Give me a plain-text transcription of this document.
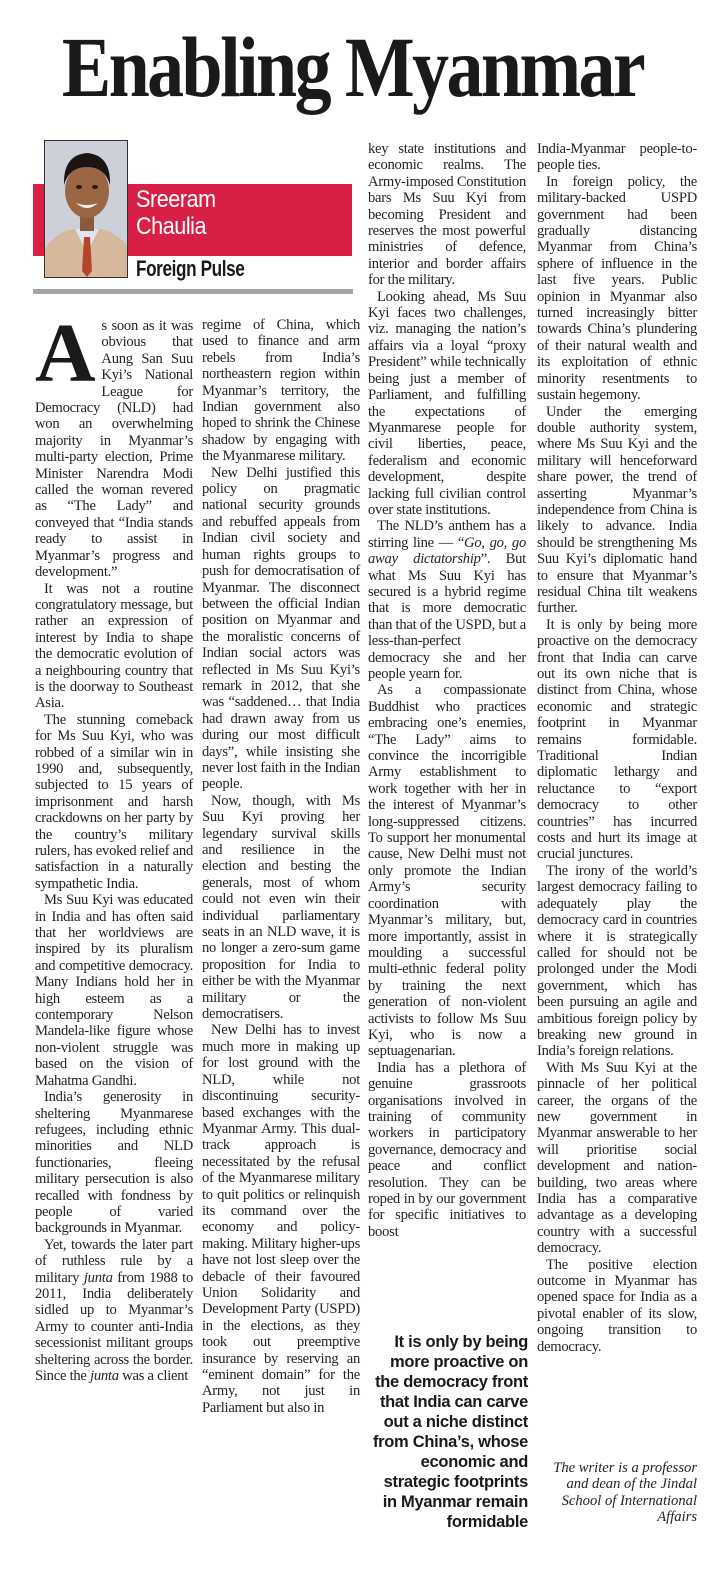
Enabling Myanmar
Sreeram
Chaulia
Foreign Pulse

As soon as it was obvious that Aung San Suu Kyi’s National League for Democracy (NLD) had won an overwhelming majority in Myanmar’s multi-party election, Prime Minister Narendra Modi called the woman revered as “The Lady” and conveyed that “India stands ready to assist in Myanmar’s progress and development.”

It was not a routine congratulatory message, but rather an expression of interest by India to shape the democratic evolution of a neighbouring country that is the doorway to Southeast Asia.

The stunning comeback for Ms Suu Kyi, who was robbed of a similar win in 1990 and, subsequently, subjected to 15 years of imprisonment and harsh crackdowns on her party by the country’s military rulers, has evoked relief and satisfaction in a naturally sympathetic India.

Ms Suu Kyi was educated in India and has often said that her worldviews are inspired by its pluralism and competitive democracy. Many Indians hold her in high esteem as a contemporary Nelson Mandela-like figure whose non-violent struggle was based on the vision of Mahatma Gandhi.

India’s generosity in sheltering Myanmarese refugees, including ethnic minorities and NLD functionaries, fleeing military persecution is also recalled with fondness by people of varied backgrounds in Myanmar.

Yet, towards the later part of ruthless rule by a military junta from 1988 to 2011, India deliberately sidled up to Myanmar’s Army to counter anti-India secessionist militant groups sheltering across the border. Since the junta was a client

regime of China, which used to finance and arm rebels from India’s northeastern region within Myanmar’s territory, the Indian government also hoped to shrink the Chinese shadow by engaging with the Myanmarese military.

New Delhi justified this policy on pragmatic national security grounds and rebuffed appeals from Indian civil society and human rights groups to push for democratisation of Myanmar. The disconnect between the official Indian position on Myanmar and the moralistic concerns of Indian social actors was reflected in Ms Suu Kyi’s remark in 2012, that she was “saddened… that India had drawn away from us during our most difficult days”, while insisting she never lost faith in the Indian people.

Now, though, with Ms Suu Kyi proving her legendary survival skills and resilience in the election and besting the generals, most of whom could not even win their individual parliamentary seats in an NLD wave, it is no longer a zero-sum game proposition for India to either be with the Myanmar military or the democratisers.

New Delhi has to invest much more in making up for lost ground with the NLD, while not discontinuing security-based exchanges with the Myanmar Army. This dual-track approach is necessitated by the refusal of the Myanmarese military to quit politics or relinquish its command over the economy and policy-making. Military higher-ups have not lost sleep over the debacle of their favoured Union Solidarity and Development Party (USPD) in the elections, as they took out preemptive insurance by reserving an “eminent domain” for the Army, not just in Parliament but also in

key state institutions and economic realms. The Army-imposed Constitution bars Ms Suu Kyi from becoming President and reserves the most powerful ministries of defence, interior and border affairs for the military.

Looking ahead, Ms Suu Kyi faces two challenges, viz. managing the nation’s affairs via a loyal “proxy President” while technically being just a member of Parliament, and fulfilling the expectations of Myanmarese people for civil liberties, peace, federalism and economic development, despite lacking full civilian control over state institutions.

The NLD’s anthem has a stirring line — “Go, go, go away dictatorship”. But what Ms Suu Kyi has secured is a hybrid regime that is more democratic than that of the USPD, but a less-than-perfect democracy she and her people yearn for.

As a compassionate Buddhist who practices embracing one’s enemies, “The Lady” aims to convince the incorrigible Army establishment to work together with her in the interest of Myanmar’s long-suppressed citizens. To support her monumental cause, New Delhi must not only promote the Indian Army’s security coordination with Myanmar’s military, but, more importantly, assist in moulding a successful multi-ethnic federal polity by training the next generation of non-violent activists to follow Ms Suu Kyi, who is now a septuagenarian.

India has a plethora of genuine grassroots organisations involved in training of community workers in participatory governance, democracy and peace and conflict resolution. They can be roped in by our government for specific initiatives to boost

It is only by being more proactive on the democracy front that India can carve out a niche distinct from China’s, whose economic and strategic footprints in Myanmar remain formidable

India-Myanmar people-to-people ties.

In foreign policy, the military-backed USPD government had been gradually distancing Myanmar from China’s sphere of influence in the last five years. Public opinion in Myanmar also turned increasingly bitter towards China’s plundering of their natural wealth and its exploitation of ethnic minority resentments to sustain hegemony.

Under the emerging double authority system, where Ms Suu Kyi and the military will henceforward share power, the trend of asserting Myanmar’s independence from China is likely to advance. India should be strengthening Ms Suu Kyi’s diplomatic hand to ensure that Myanmar’s residual China tilt weakens further.

It is only by being more proactive on the democracy front that India can carve out its own niche that is distinct from China, whose economic and strategic footprint in Myanmar remains formidable. Traditional Indian diplomatic lethargy and reluctance to “export democracy to other countries” has incurred costs and hurt its image at crucial junctures.

The irony of the world’s largest democracy failing to adequately play the democracy card in countries where it is strategically called for should not be prolonged under the Modi government, which has been pursuing an agile and ambitious foreign policy by breaking new ground in India’s foreign relations.

With Ms Suu Kyi at the pinnacle of her political career, the organs of the new government in Myanmar answerable to her will prioritise social development and nation-building, two areas where India has a comparative advantage as a developing country with a successful democracy.

The positive election outcome in Myanmar has opened space for India as a pivotal enabler of its slow, ongoing transition to democracy.

The writer is a professor and dean of the Jindal School of International Affairs
